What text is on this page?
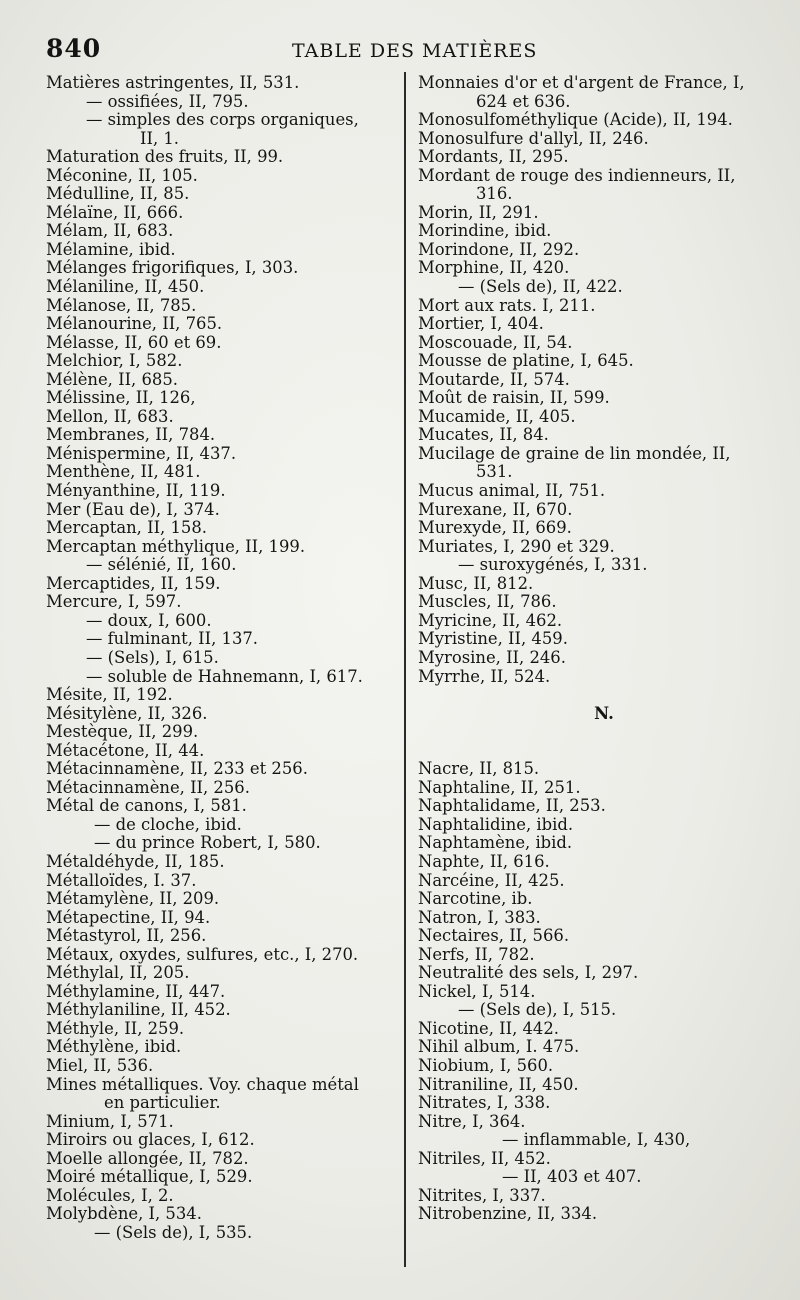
840	TABLE DES MATIÈRES
Matières astringentes, II, 531.
— ossifiées, II, 795.
— simples des corps organiques,
II, 1.
Maturation des fruits, II, 99.
Méconine, II, 105.
Médulline, II, 85.
Mélaïne, II, 666.
Mélam, II, 683.
Mélamine, ibid.
Mélanges frigorifiques, I, 303.
Mélaniline, II, 450.
Mélanose, II, 785.
Mélanourine, II, 765.
Mélasse, II, 60 et 69.
Melchior, I, 582.
Mélène, II, 685.
Mélissine, II, 126,
Mellon, II, 683.
Membranes, II, 784.
Ménispermine, II, 437.
Menthène, II, 481.
Ményanthine, II, 119.
Mer (Eau de), I, 374.
Mercaptan, II, 158.
Mercaptan méthylique, II, 199.
— sélénié, II, 160.
Mercaptides, II, 159.
Mercure, I, 597.
— doux, I, 600.
— fulminant, II, 137.
— (Sels), I, 615.
— soluble de Hahnemann, I, 617.
Mésite, II, 192.
Mésitylène, II, 326.
Mestèque, II, 299.
Métacétone, II, 44.
Métacinnamène, II, 233 et 256.
Métacinnamène, II, 256.
Métal de canons, I, 581.
— de cloche, ibid.
— du prince Robert, I, 580.
Métaldéhyde, II, 185.
Métalloïdes, I. 37.
Métamylène, II, 209.
Métapectine, II, 94.
Métastyrol, II, 256.
Métaux, oxydes, sulfures, etc., I, 270.
Méthylal, II, 205.
Méthylamine, II, 447.
Méthylaniline, II, 452.
Méthyle, II, 259.
Méthylène, ibid.
Miel, II, 536.
Mines métalliques. Voy. chaque métal
en particulier.
Minium, I, 571.
Miroirs ou glaces, I, 612.
Moelle allongée, II, 782.
Moiré métallique, I, 529.
Molécules, I, 2.
Molybdène, I, 534.
— (Sels de), I, 535.
Monnaies d'or et d'argent de France, I,
624 et 636.
Monosulfométhylique (Acide), II, 194.
Monosulfure d'allyl, II, 246.
Mordants, II, 295.
Mordant de rouge des indienneurs, II,
316.
Morin, II, 291.
Morindine, ibid.
Morindone, II, 292.
Morphine, II, 420.
— (Sels de), II, 422.
Mort aux rats. I, 211.
Mortier, I, 404.
Moscouade, II, 54.
Mousse de platine, I, 645.
Moutarde, II, 574.
Moût de raisin, II, 599.
Mucamide, II, 405.
Mucates, II, 84.
Mucilage de graine de lin mondée, II,
531.
Mucus animal, II, 751.
Murexane, II, 670.
Murexyde, II, 669.
Muriates, I, 290 et 329.
— suroxygénés, I, 331.
Musc, II, 812.
Muscles, II, 786.
Myricine, II, 462.
Myristine, II, 459.
Myrosine, II, 246.
Myrrhe, II, 524.
N.
Nacre, II, 815.
Naphtaline, II, 251.
Naphtalidame, II, 253.
Naphtalidine, ibid.
Naphtamène, ibid.
Naphte, II, 616.
Narcéine, II, 425.
Narcotine, ib.
Natron, I, 383.
Nectaires, II, 566.
Nerfs, II, 782.
Neutralité des sels, I, 297.
Nickel, I, 514.
— (Sels de), I, 515.
Nicotine, II, 442.
Nihil album, I. 475.
Niobium, I, 560.
Nitraniline, II, 450.
Nitrates, I, 338.
Nitre, I, 364.
— inflammable, I, 430,
Nitriles, II, 452.
— II, 403 et 407.
Nitrites, I, 337.
Nitrobenzine, II, 334.
